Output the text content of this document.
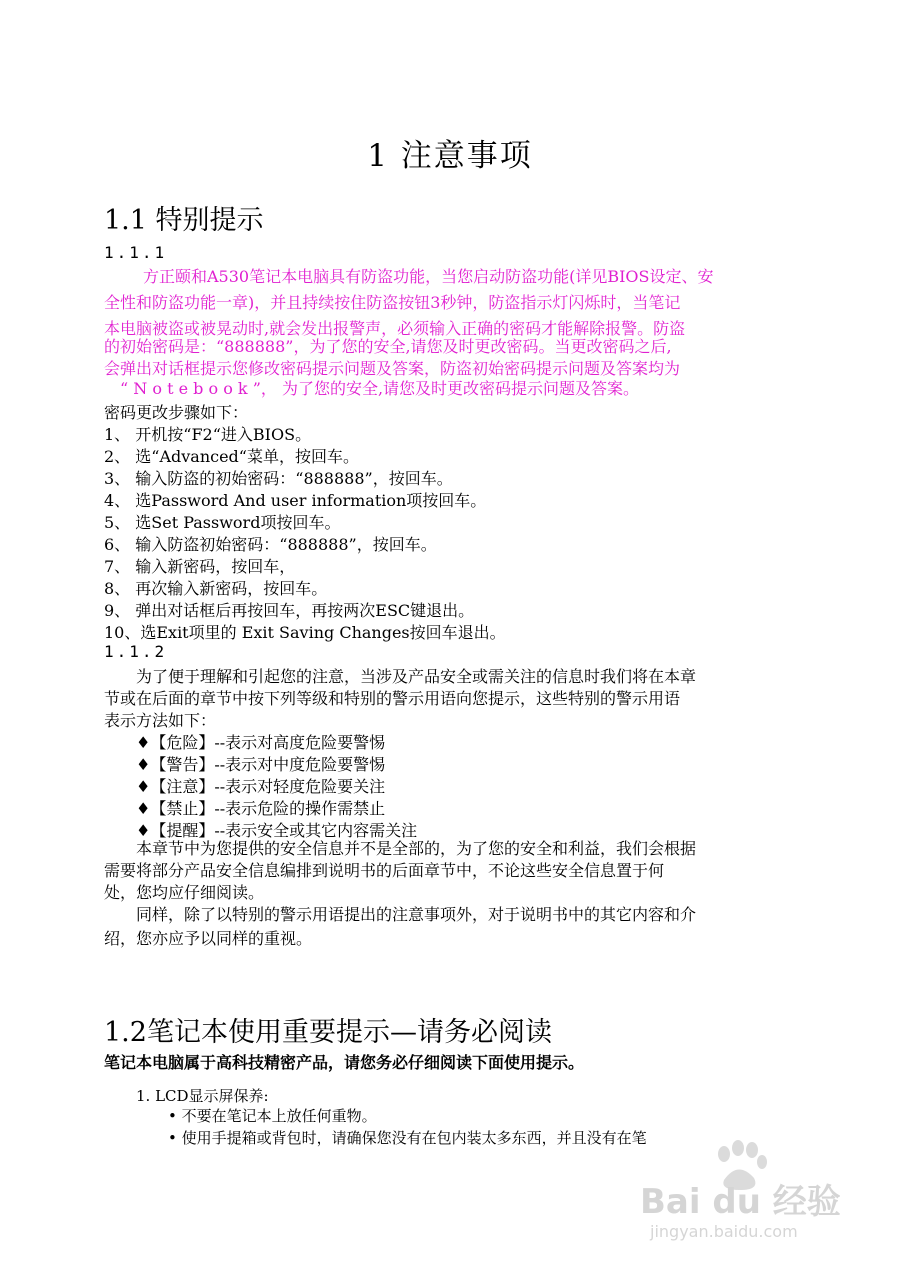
1 注意事项
1.1 特别提示
1.1.1
方正颐和A530笔记本电脑具有防盗功能，当您启动防盗功能(详见BIOS设定、安
全性和防盗功能一章)，并且持续按住防盗按钮3秒钟，防盗指示灯闪烁时，当笔记
本电脑被盗或被晃动时,就会发出报警声，必须输入正确的密码才能解除报警。防盗
的初始密码是：“888888”，为了您的安全,请您及时更改密码。当更改密码之后,
会弹出对话框提示您修改密码提示问题及答案，防盗初始密码提示问题及答案均为
“ N o t e b o o k ”， 为了您的安全,请您及时更改密码提示问题及答案。
密码更改步骤如下：
1、 开机按“F2“进入BIOS。
2、 选“Advanced“菜单，按回车。
3、 输入防盗的初始密码：“888888”，按回车。
4、 选Password And user information项按回车。
5、 选Set Password项按回车。
6、 输入防盗初始密码：“888888”，按回车。
7、 输入新密码，按回车，
8、 再次输入新密码，按回车。
9、 弹出对话框后再按回车，再按两次ESC键退出。
10、选Exit项里的 Exit Saving Changes按回车退出。
1.1.2
为了便于理解和引起您的注意，当涉及产品安全或需关注的信息时我们将在本章
节或在后面的章节中按下列等级和特别的警示用语向您提示，这些特别的警示用语
表示方法如下：
♦【危险】--表示对高度危险要警惕
♦【警告】--表示对中度危险要警惕
♦【注意】--表示对轻度危险要关注
♦【禁止】--表示危险的操作需禁止
♦【提醒】--表示安全或其它内容需关注
本章节中为您提供的安全信息并不是全部的，为了您的安全和利益，我们会根据
需要将部分产品安全信息编排到说明书的后面章节中，不论这些安全信息置于何
处，您均应仔细阅读。
同样，除了以特别的警示用语提出的注意事项外，对于说明书中的其它内容和介
绍，您亦应予以同样的重视。
1.2笔记本使用重要提示—请务必阅读
笔记本电脑属于高科技精密产品，请您务必仔细阅读下面使用提示。
1. LCD显示屏保养:
• 不要在笔记本上放任何重物。
• 使用手提箱或背包时，请确保您没有在包内装太多东西，并且没有在笔
Bai du 经验
jingyan.baidu.com
